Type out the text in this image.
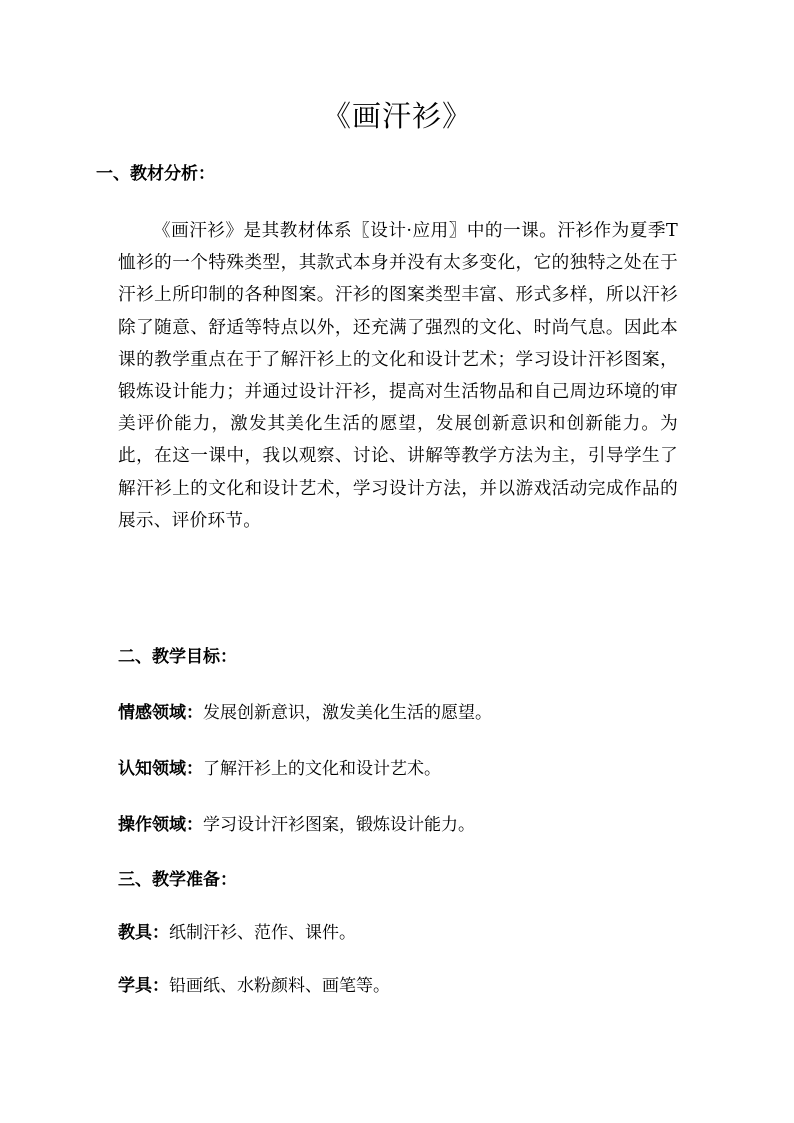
《画汗衫》
一、教材分析：

《画汗衫》是其教材体系〖设计·应用〗中的一课。汗衫作为夏季T恤衫的一个特殊类型，其款式本身并没有太多变化，它的独特之处在于汗衫上所印制的各种图案。汗衫的图案类型丰富、形式多样，所以汗衫除了随意、舒适等特点以外，还充满了强烈的文化、时尚气息。因此本课的教学重点在于了解汗衫上的文化和设计艺术；学习设计汗衫图案，锻炼设计能力；并通过设计汗衫，提高对生活物品和自己周边环境的审美评价能力，激发其美化生活的愿望，发展创新意识和创新能力。为此，在这一课中，我以观察、讨论、讲解等教学方法为主，引导学生了解汗衫上的文化和设计艺术，学习设计方法，并以游戏活动完成作品的展示、评价环节。

二、教学目标：
情感领域：发展创新意识，激发美化生活的愿望。
认知领域：了解汗衫上的文化和设计艺术。
操作领域：学习设计汗衫图案，锻炼设计能力。
三、教学准备：
教具：纸制汗衫、范作、课件。
学具：铅画纸、水粉颜料、画笔等。
